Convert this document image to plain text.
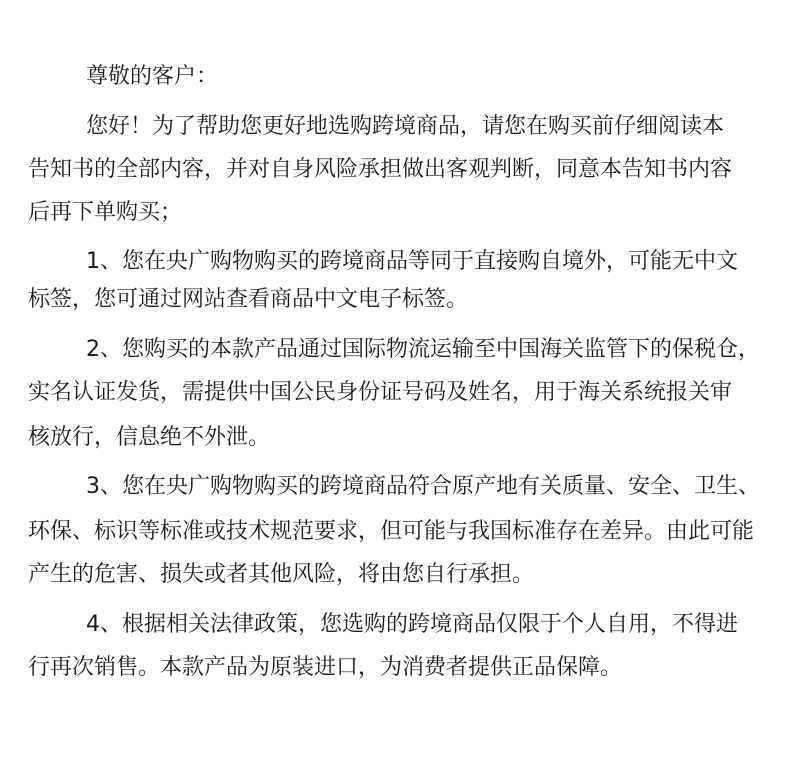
尊敬的客户：
您好！为了帮助您更好地选购跨境商品，请您在购买前仔细阅读本
告知书的全部内容，并对自身风险承担做出客观判断，同意本告知书内容
后再下单购买；
1、您在央广购物购买的跨境商品等同于直接购自境外，可能无中文
标签，您可通过网站查看商品中文电子标签。
2、您购买的本款产品通过国际物流运输至中国海关监管下的保税仓，
实名认证发货，需提供中国公民身份证号码及姓名，用于海关系统报关审
核放行，信息绝不外泄。
3、您在央广购物购买的跨境商品符合原产地有关质量、安全、卫生、
环保、标识等标准或技术规范要求，但可能与我国标准存在差异。由此可能
产生的危害、损失或者其他风险，将由您自行承担。
4、根据相关法律政策，您选购的跨境商品仅限于个人自用，不得进
行再次销售。本款产品为原装进口，为消费者提供正品保障。
